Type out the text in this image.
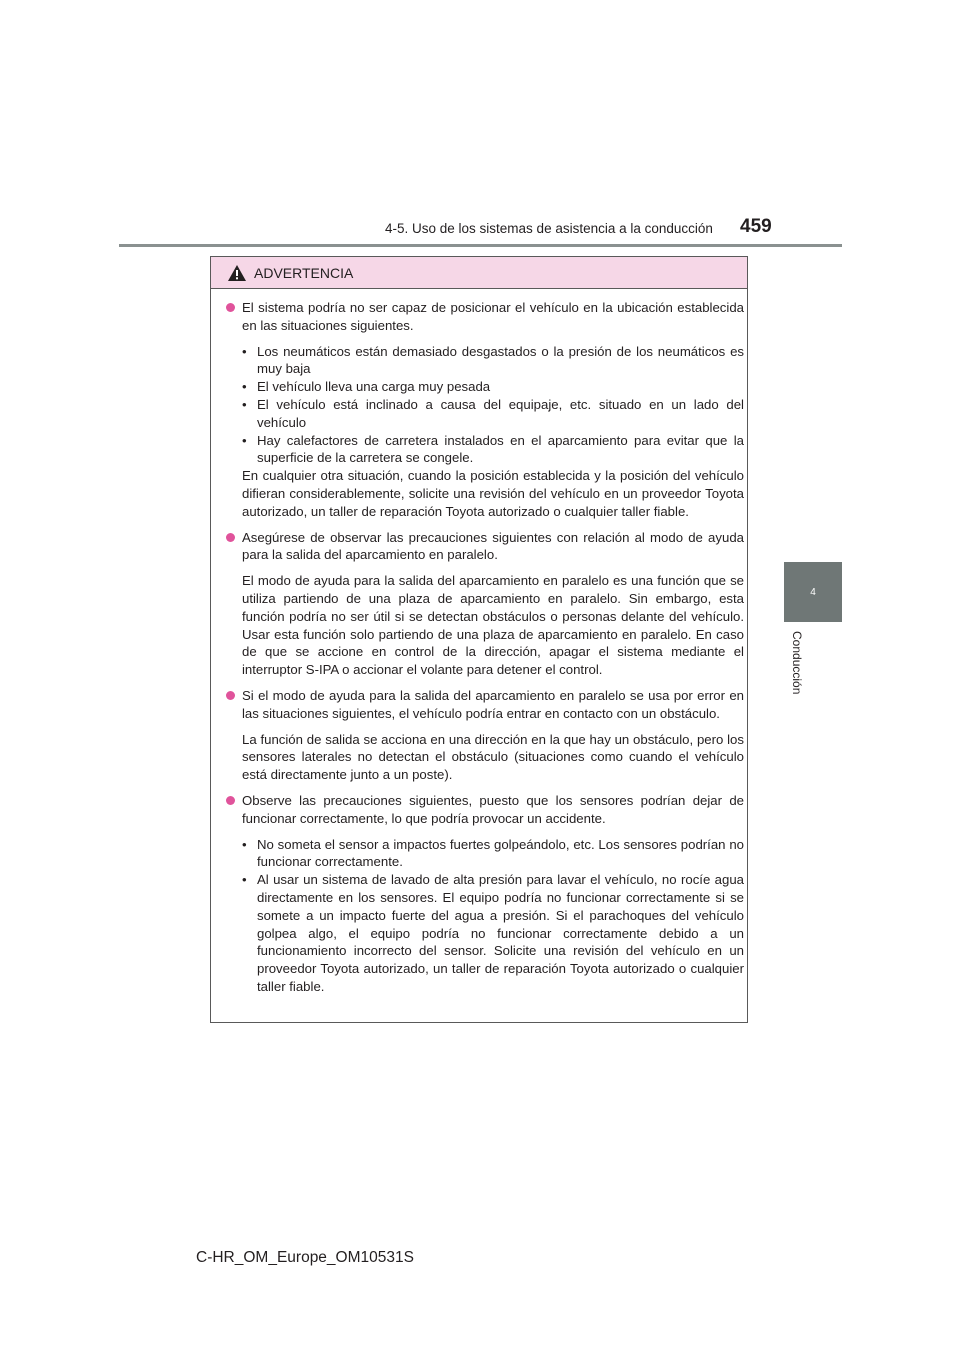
4-5. Uso de los sistemas de asistencia a la conducción 459
4
Conducción
ADVERTENCIA
El sistema podría no ser capaz de posicionar el vehículo en la ubicación establecida en las situaciones siguientes.
• Los neumáticos están demasiado desgastados o la presión de los neumáticos es muy baja
• El vehículo lleva una carga muy pesada
• El vehículo está inclinado a causa del equipaje, etc. situado en un lado del vehículo
• Hay calefactores de carretera instalados en el aparcamiento para evitar que la superficie de la carretera se congele.
En cualquier otra situación, cuando la posición establecida y la posición del vehículo difieran considerablemente, solicite una revisión del vehículo en un proveedor Toyota autorizado, un taller de reparación Toyota autorizado o cualquier taller fiable.
Asegúrese de observar las precauciones siguientes con relación al modo de ayuda para la salida del aparcamiento en paralelo.
El modo de ayuda para la salida del aparcamiento en paralelo es una función que se utiliza partiendo de una plaza de aparcamiento en paralelo. Sin embargo, esta función podría no ser útil si se detectan obstáculos o personas delante del vehículo. Usar esta función solo partiendo de una plaza de aparcamiento en paralelo. En caso de que se accione en control de la dirección, apagar el sistema mediante el interruptor S-IPA o accionar el volante para detener el control.
Si el modo de ayuda para la salida del aparcamiento en paralelo se usa por error en las situaciones siguientes, el vehículo podría entrar en contacto con un obstáculo.
La función de salida se acciona en una dirección en la que hay un obstáculo, pero los sensores laterales no detectan el obstáculo (situaciones como cuando el vehículo está directamente junto a un poste).
Observe las precauciones siguientes, puesto que los sensores podrían dejar de funcionar correctamente, lo que podría provocar un accidente.
• No someta el sensor a impactos fuertes golpeándolo, etc. Los sensores podrían no funcionar correctamente.
• Al usar un sistema de lavado de alta presión para lavar el vehículo, no rocíe agua directamente en los sensores. El equipo podría no funcionar correctamente si se somete a un impacto fuerte del agua a presión. Si el parachoques del vehículo golpea algo, el equipo podría no funcionar correctamente debido a un funcionamiento incorrecto del sensor. Solicite una revisión del vehículo en un proveedor Toyota autorizado, un taller de reparación Toyota autorizado o cualquier taller fiable.
C-HR_OM_Europe_OM10531S
